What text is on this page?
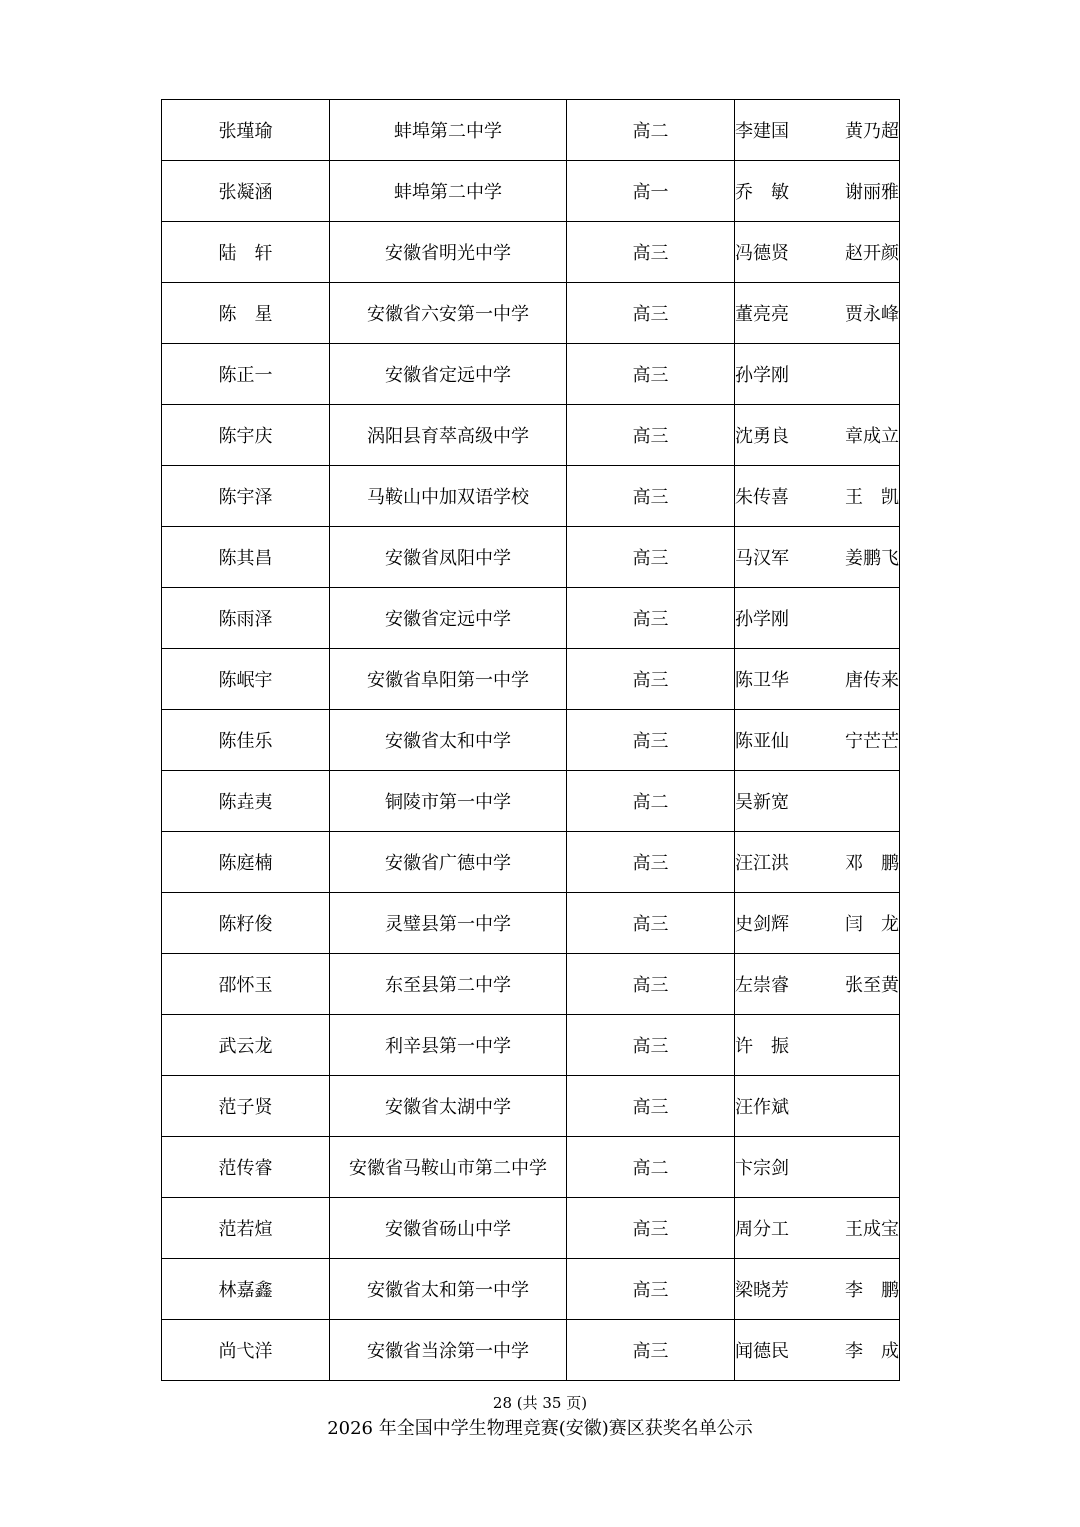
张瑾瑜	蚌埠第二中学	高二	李建国 黄乃超

张凝涵	蚌埠第二中学	高一	乔　敏 谢丽雅

陆　轩	安徽省明光中学	高三	冯德贤 赵开颜

陈　星	安徽省六安第一中学	高三	董亮亮 贾永峰

陈正一	安徽省定远中学	高三	孙学刚

陈宇庆	涡阳县育萃高级中学	高三	沈勇良 章成立

陈宇泽	马鞍山中加双语学校	高三	朱传喜 王　凯

陈其昌	安徽省凤阳中学	高三	马汉军 姜鹏飞

陈雨泽	安徽省定远中学	高三	孙学刚

陈岷宇	安徽省阜阳第一中学	高三	陈卫华 唐传来

陈佳乐	安徽省太和中学	高三	陈亚仙 宁芒芒

陈垚夷	铜陵市第一中学	高二	吴新宽

陈庭楠	安徽省广德中学	高三	汪江洪 邓　鹏

陈籽俊	灵璧县第一中学	高三	史剑辉 闫　龙

邵怀玉	东至县第二中学	高三	左崇睿 张至黄

武云龙	利辛县第一中学	高三	许　振

范子贤	安徽省太湖中学	高三	汪作斌

范传睿	安徽省马鞍山市第二中学	高二	卞宗剑

范若煊	安徽省砀山中学	高三	周分工 王成宝

林嘉鑫	安徽省太和第一中学	高三	梁晓芳 李　鹏

尚弋洋	安徽省当涂第一中学	高三	闻德民 李　成
28 (共 35 页)
2026 年全国中学生物理竞赛(安徽)赛区获奖名单公示
